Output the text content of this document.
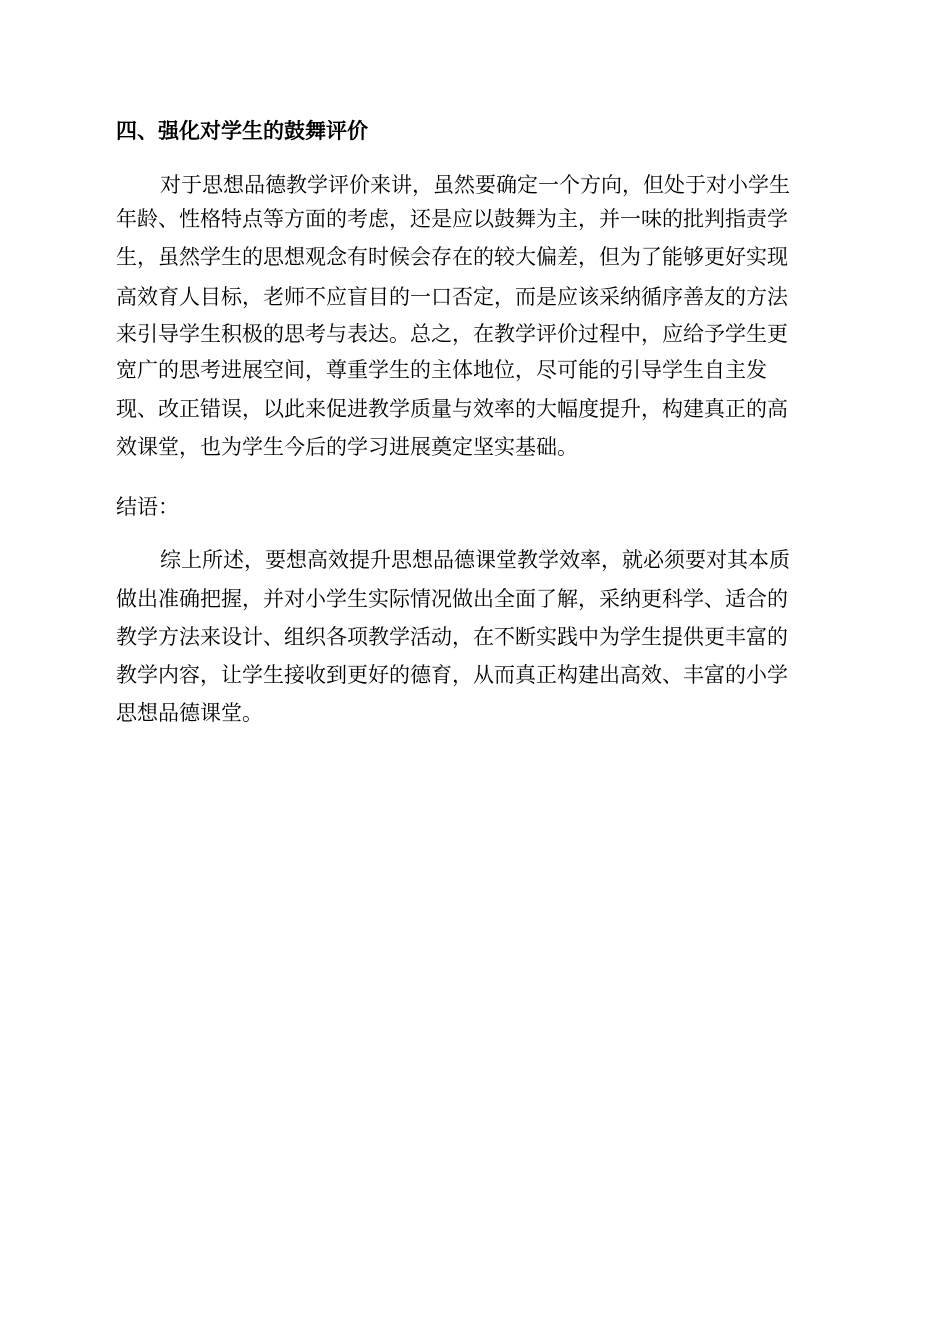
四、强化对学生的鼓舞评价
对于思想品德教学评价来讲，虽然要确定一个方向，但处于对小学生
年龄、性格特点等方面的考虑，还是应以鼓舞为主，并一味的批判指责学
生，虽然学生的思想观念有时候会存在的较大偏差，但为了能够更好实现
高效育人目标，老师不应盲目的一口否定，而是应该采纳循序善友的方法
来引导学生积极的思考与表达。总之，在教学评价过程中，应给予学生更
宽广的思考进展空间，尊重学生的主体地位，尽可能的引导学生自主发
现、改正错误，以此来促进教学质量与效率的大幅度提升，构建真正的高
效课堂，也为学生今后的学习进展奠定坚实基础。
结语：
综上所述，要想高效提升思想品德课堂教学效率，就必须要对其本质
做出准确把握，并对小学生实际情况做出全面了解，采纳更科学、适合的
教学方法来设计、组织各项教学活动，在不断实践中为学生提供更丰富的
教学内容，让学生接收到更好的德育，从而真正构建出高效、丰富的小学
思想品德课堂。
